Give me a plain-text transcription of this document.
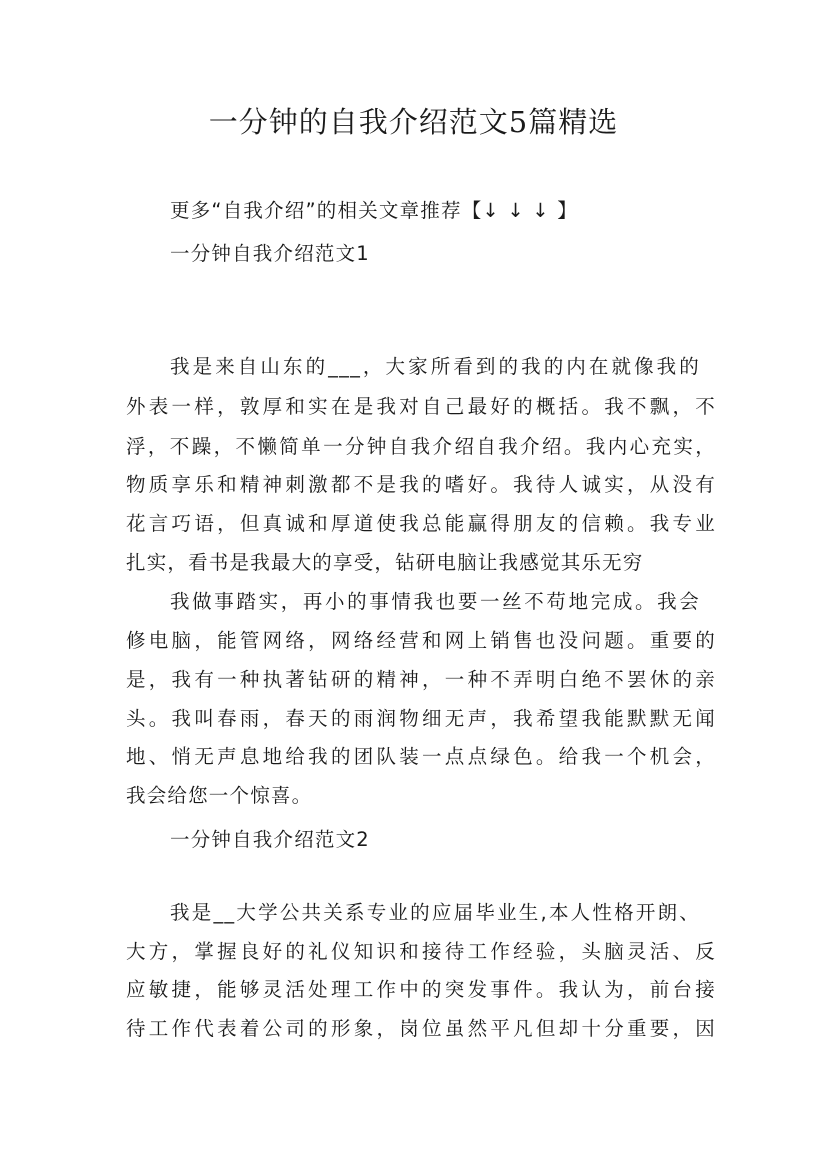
一分钟的自我介绍范文5篇精选
更多“自我介绍”的相关文章推荐【↓ ↓ ↓ 】
一分钟自我介绍范文1
我是来自山东的___，大家所看到的我的内在就像我的
外表一样，敦厚和实在是我对自己最好的概括。我不飘，不
浮，不躁，不懒简单一分钟自我介绍自我介绍。我内心充实，
物质享乐和精神刺激都不是我的嗜好。我待人诚实，从没有
花言巧语，但真诚和厚道使我总能赢得朋友的信赖。我专业
扎实，看书是我最大的享受，钻研电脑让我感觉其乐无穷
我做事踏实，再小的事情我也要一丝不苟地完成。我会
修电脑，能管网络，网络经营和网上销售也没问题。重要的
是，我有一种执著钻研的精神，一种不弄明白绝不罢休的亲
头。我叫春雨，春天的雨润物细无声，我希望我能默默无闻
地、悄无声息地给我的团队装一点点绿色。给我一个机会，
我会给您一个惊喜。
一分钟自我介绍范文2
我是__大学公共关系专业的应届毕业生,本人性格开朗、
大方，掌握良好的礼仪知识和接待工作经验，头脑灵活、反
应敏捷，能够灵活处理工作中的突发事件。我认为，前台接
待工作代表着公司的形象，岗位虽然平凡但却十分重要，因
